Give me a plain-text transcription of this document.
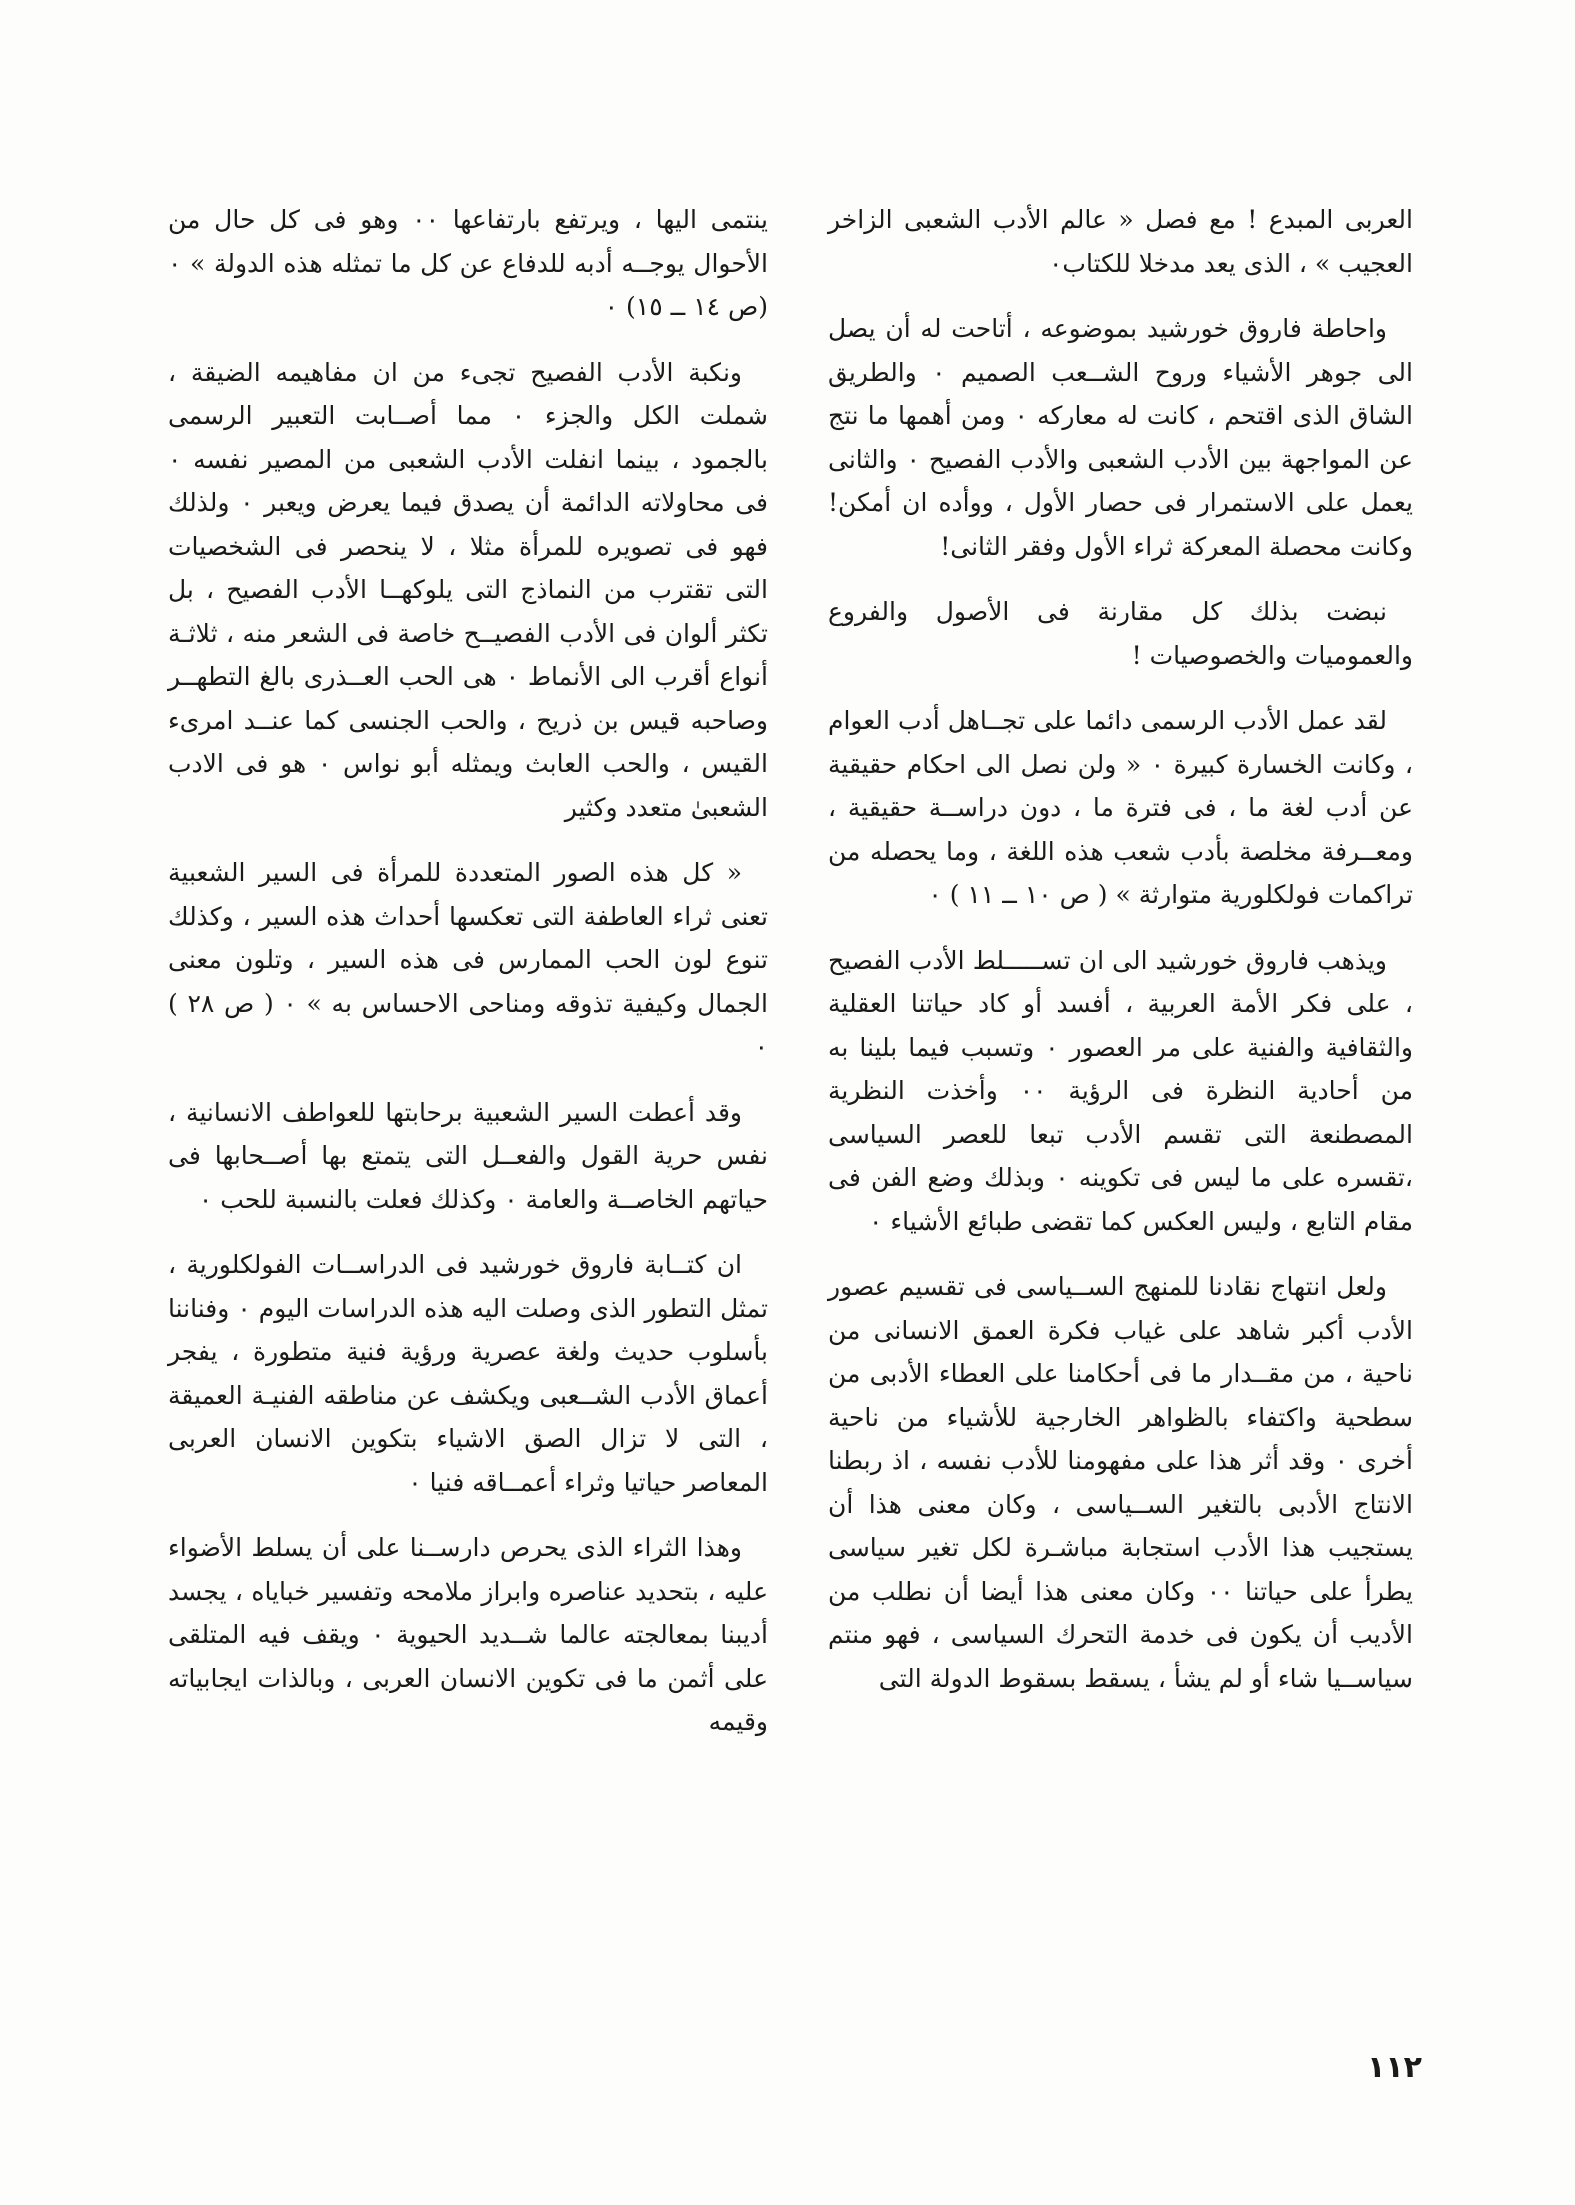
العربى المبدع ! مع فصل « عالم الأدب الشعبى الزاخر العجيب » ، الذى يعد مدخلا للكتاب٠

واحاطة فاروق خورشيد بموضوعه ، أتاحت له أن يصل الى جوهر الأشياء وروح الشــعب الصميم ٠ والطريق الشاق الذى اقتحم ، كانت له معاركه ٠ ومن أهمها ما نتج عن المواجهة بين الأدب الشعبى والأدب الفصيح ٠ والثانى يعمل على الاستمرار فى حصار الأول ، ووأده ان أمكن! وكانت محصلة المعركة ثراء الأول وفقر الثانى!

نبضت بذلك كل مقارنة فى الأصول والفروع والعموميات والخصوصيات !

لقد عمل الأدب الرسمى دائما على تجــاهل أدب العوام ، وكانت الخسارة كبيرة ٠ « ولن نصل الى احكام حقيقية عن أدب لغة ما ، فى فترة ما ، دون دراســة حقيقية ، ومعــرفة مخلصة بأدب شعب هذه اللغة ، وما يحصله من تراكمات فولكلورية متوارثة » ( ص ١٠ ــ ١١ ) ٠

ويذهب فاروق خورشيد الى ان تســـــلط الأدب الفصيح ، على فكر الأمة العربية ، أفسد أو كاد حياتنا العقلية والثقافية والفنية على مر العصور ٠ وتسبب فيما بلينا به من أحادية النظرة فى الرؤية ٠٠ وأخذت النظرية المصطنعة التى تقسم الأدب تبعا للعصر السياسى ،تقسره على ما ليس فى تكوينه ٠ وبذلك وضع الفن فى مقام التابع ، وليس العكس كما تقضى طبائع الأشياء ٠

ولعل انتهاج نقادنا للمنهج الســياسى فى تقسيم عصور الأدب أكبر شاهد على غياب فكرة العمق الانسانى من ناحية ، من مقــدار ما فى أحكامنا على العطاء الأدبى من سطحية واكتفاء بالظواهر الخارجية للأشياء من ناحية أخرى ٠ وقد أثر هذا على مفهومنا للأدب نفسه ، اذ ربطنا الانتاج الأدبى بالتغير الســياسى ، وكان معنى هذا أن يستجيب هذا الأدب استجابة مباشـرة لكل تغير سياسى يطرأ على حياتنا ٠٠ وكان معنى هذا أيضا أن نطلب من الأديب أن يكون فى خدمة التحرك السياسى ، فهو منتم سياســيا شاء أو لم يشأ ، يسقط بسقوط الدولة التى

ينتمى اليها ، ويرتفع بارتفاعها ٠٠ وهو فى كل حال من الأحوال يوجــه أدبه للدفاع عن كل ما تمثله هذه الدولة » ٠ (ص ١٤ ــ ١٥) ٠

ونكبة الأدب الفصيح تجىء من ان مفاهيمه الضيقة ، شملت الكل والجزء ٠ مما أصــابت التعبير الرسمى بالجمود ، بينما انفلت الأدب الشعبى من المصير نفسه ٠ فى محاولاته الدائمة أن يصدق فيما يعرض ويعبر ٠ ولذلك فهو فى تصويره للمرأة مثلا ، لا ينحصر فى الشخصيات التى تقترب من النماذج التى يلوكهــا الأدب الفصيح ، بل تكثر ألوان فى الأدب الفصيــح خاصة فى الشعر منه ، ثلاثـة أنواع أقرب الى الأنماط ٠ هى الحب العــذرى بالغ التطهــر وصاحبه قيس بن ذريح ، والحب الجنسى كما عنــد امرىء القيس ، والحب العابث ويمثله أبو نواس ٠ هو فى الادب الشعبىٰ متعدد وكثير

« كل هذه الصور المتعددة للمرأة فى السير الشعبية تعنى ثراء العاطفة التى تعكسها أحداث هذه السير ، وكذلك تنوع لون الحب الممارس فى هذه السير ، وتلون معنى الجمال وكيفية تذوقه ومناحى الاحساس به » ٠ ( ص ٢٨ ) ٠

وقد أعطت السير الشعبية برحابتها للعواطف الانسانية ، نفس حرية القول والفعــل التى يتمتع بها أصــحابها فى حياتهم الخاصــة والعامة ٠ وكذلك فعلت بالنسبة للحب ٠

ان كتــابة فاروق خورشيد فى الدراســات الفولكلورية ، تمثل التطور الذى وصلت اليه هذه الدراسات اليوم ٠ وفناننا بأسلوب حديث ولغة عصرية ورؤية فنية متطورة ، يفجر أعماق الأدب الشــعبى ويكشف عن مناطقه الفنيـة العميقة ، التى لا تزال الصق الاشياء بتكوين الانسان العربى المعاصر حياتيا وثراء أعمــاقه فنيا ٠

وهذا الثراء الذى يحرص دارســنا على أن يسلط الأضواء عليه ، بتحديد عناصره وابراز ملامحه وتفسير خباياه ، يجسد أديبنا بمعالجته عالما شــديد الحيوية ٠ ويقف فيه المتلقى على أثمن ما فى تكوين الانسان العربى ، وبالذات ايجابياته وقيمه

١١٢
